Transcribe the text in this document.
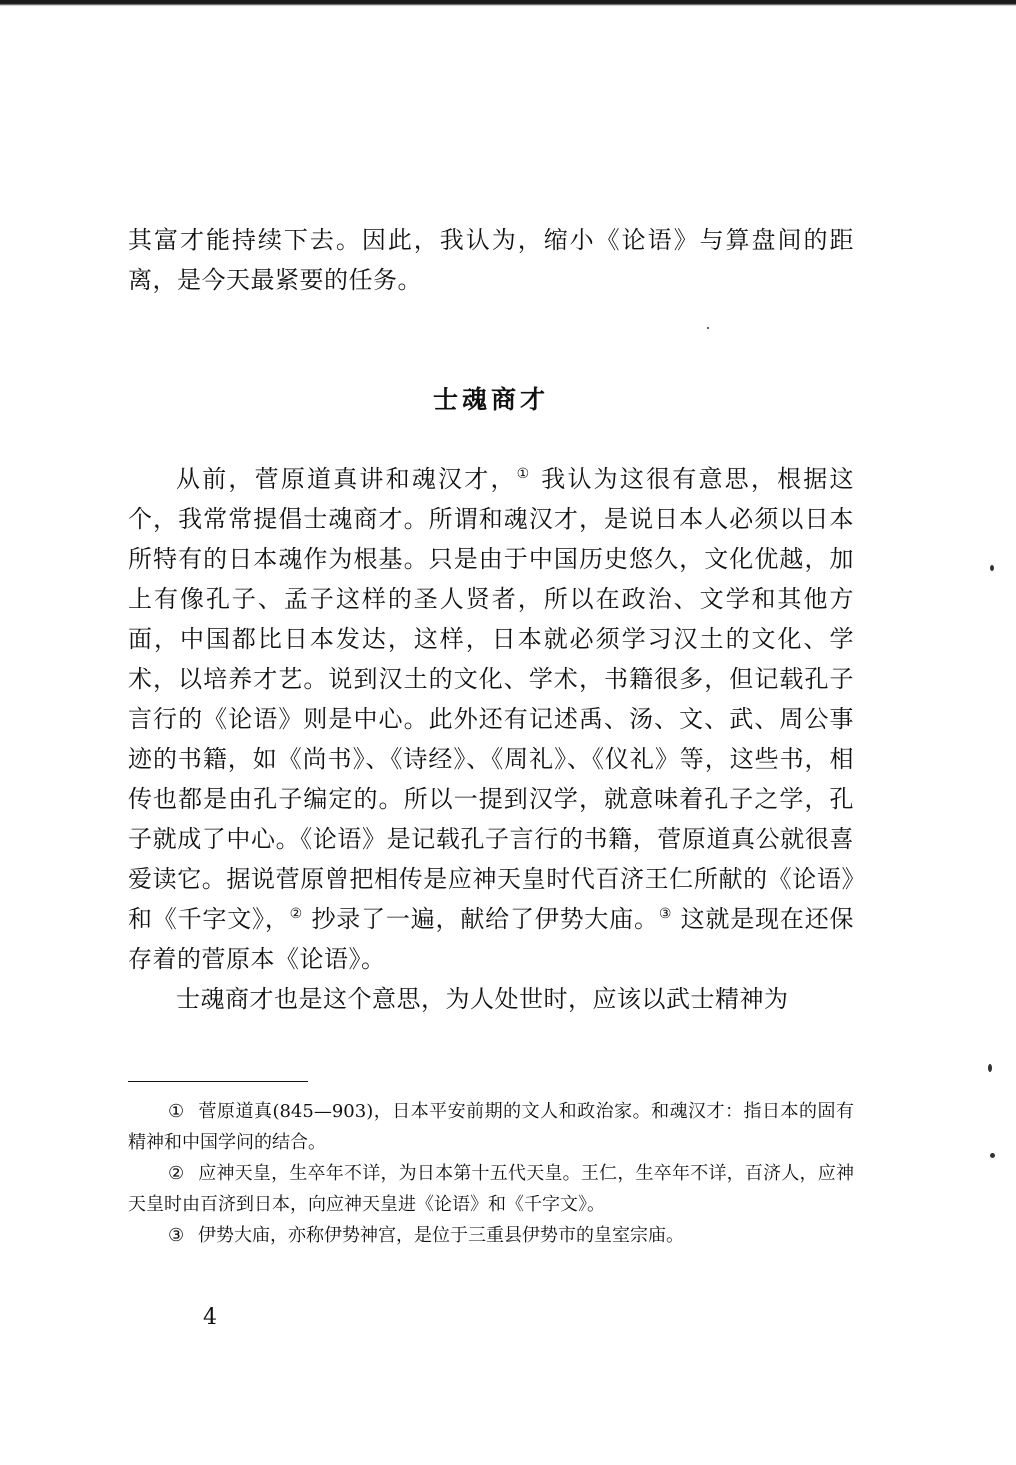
其富才能持续下去。因此，我认为，缩小《论语》与算盘间的距离，是今天最紧要的任务。

士魂商才

从前，菅原道真讲和魂汉才，① 我认为这很有意思，根据这个，我常常提倡士魂商才。所谓和魂汉才，是说日本人必须以日本所特有的日本魂作为根基。只是由于中国历史悠久，文化优越，加上有像孔子、孟子这样的圣人贤者，所以在政治、文学和其他方面，中国都比日本发达，这样，日本就必须学习汉土的文化、学术，以培养才艺。说到汉土的文化、学术，书籍很多，但记载孔子言行的《论语》则是中心。此外还有记述禹、汤、文、武、周公事迹的书籍，如《尚书》、《诗经》、《周礼》、《仪礼》等，这些书，相传也都是由孔子编定的。所以一提到汉学，就意味着孔子之学，孔子就成了中心。《论语》是记载孔子言行的书籍，菅原道真公就很喜爱读它。据说菅原曾把相传是应神天皇时代百济王仁所献的《论语》和《千字文》，② 抄录了一遍，献给了伊势大庙。③ 这就是现在还保存着的菅原本《论语》。

士魂商才也是这个意思，为人处世时，应该以武士精神为

① 菅原道真(845—903)，日本平安前期的文人和政治家。和魂汉才：指日本的固有精神和中国学问的结合。

② 应神天皇，生卒年不详，为日本第十五代天皇。王仁，生卒年不详，百济人，应神天皇时由百济到日本，向应神天皇进《论语》和《千字文》。

③ 伊势大庙，亦称伊势神宫，是位于三重县伊势市的皇室宗庙。

4
